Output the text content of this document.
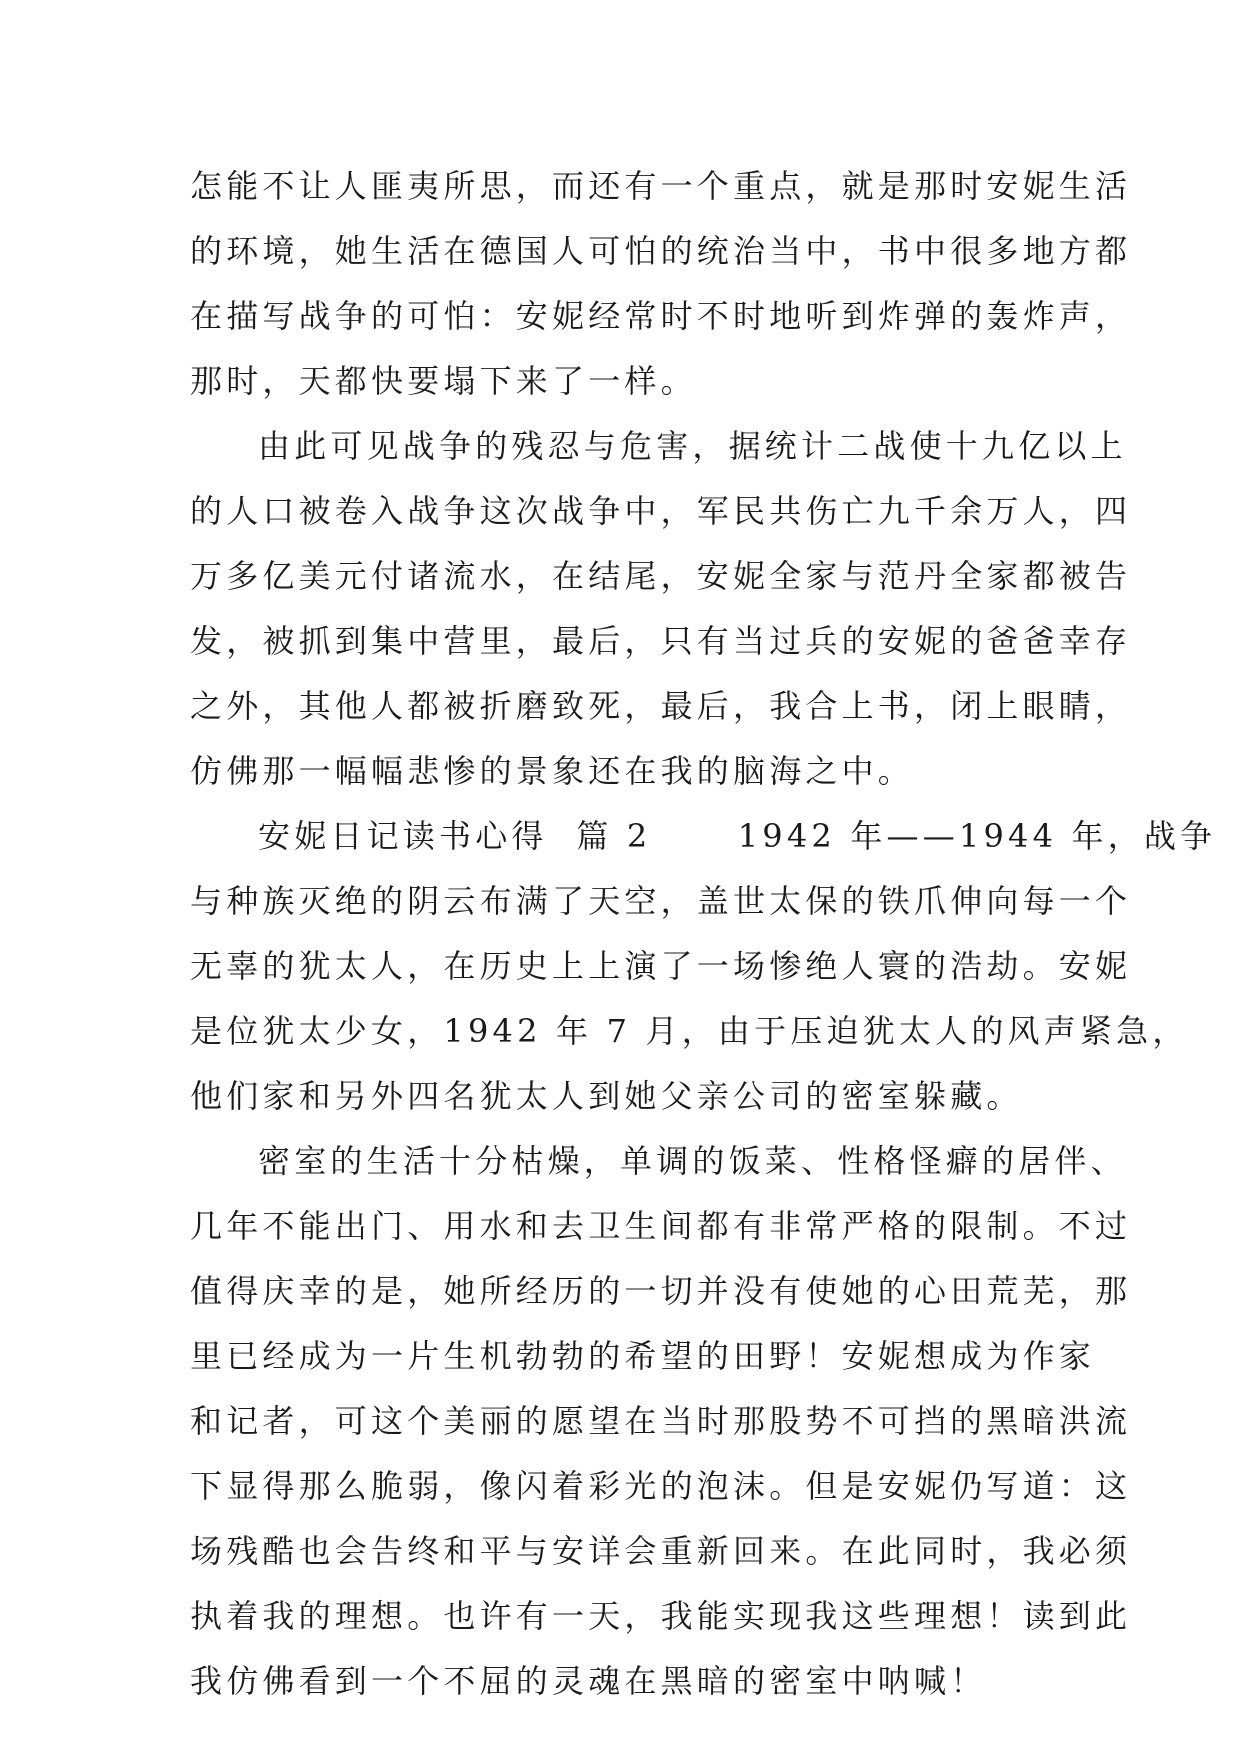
怎能不让人匪夷所思，而还有一个重点，就是那时安妮生活
的环境，她生活在德国人可怕的统治当中，书中很多地方都
在描写战争的可怕：安妮经常时不时地听到炸弹的轰炸声，
那时，天都快要塌下来了一样。
由此可见战争的残忍与危害，据统计二战使十九亿以上
的人口被卷入战争这次战争中，军民共伤亡九千余万人，四
万多亿美元付诸流水，在结尾，安妮全家与范丹全家都被告
发，被抓到集中营里，最后，只有当过兵的安妮的爸爸幸存
之外，其他人都被折磨致死，最后，我合上书，闭上眼睛，
仿佛那一幅幅悲惨的景象还在我的脑海之中。
安妮日记读书心得  篇 2      1942 年——1944 年，战争
与种族灭绝的阴云布满了天空，盖世太保的铁爪伸向每一个
无辜的犹太人，在历史上上演了一场惨绝人寰的浩劫。安妮
是位犹太少女，1942 年 7 月，由于压迫犹太人的风声紧急，
他们家和另外四名犹太人到她父亲公司的密室躲藏。
密室的生活十分枯燥，单调的饭菜、性格怪癖的居伴、
几年不能出门、用水和去卫生间都有非常严格的限制。不过
值得庆幸的是，她所经历的一切并没有使她的心田荒芜，那
里已经成为一片生机勃勃的希望的田野！安妮想成为作家
和记者，可这个美丽的愿望在当时那股势不可挡的黑暗洪流
下显得那么脆弱，像闪着彩光的泡沫。但是安妮仍写道：这
场残酷也会告终和平与安详会重新回来。在此同时，我必须
执着我的理想。也许有一天，我能实现我这些理想！读到此
我仿佛看到一个不屈的灵魂在黑暗的密室中呐喊！
